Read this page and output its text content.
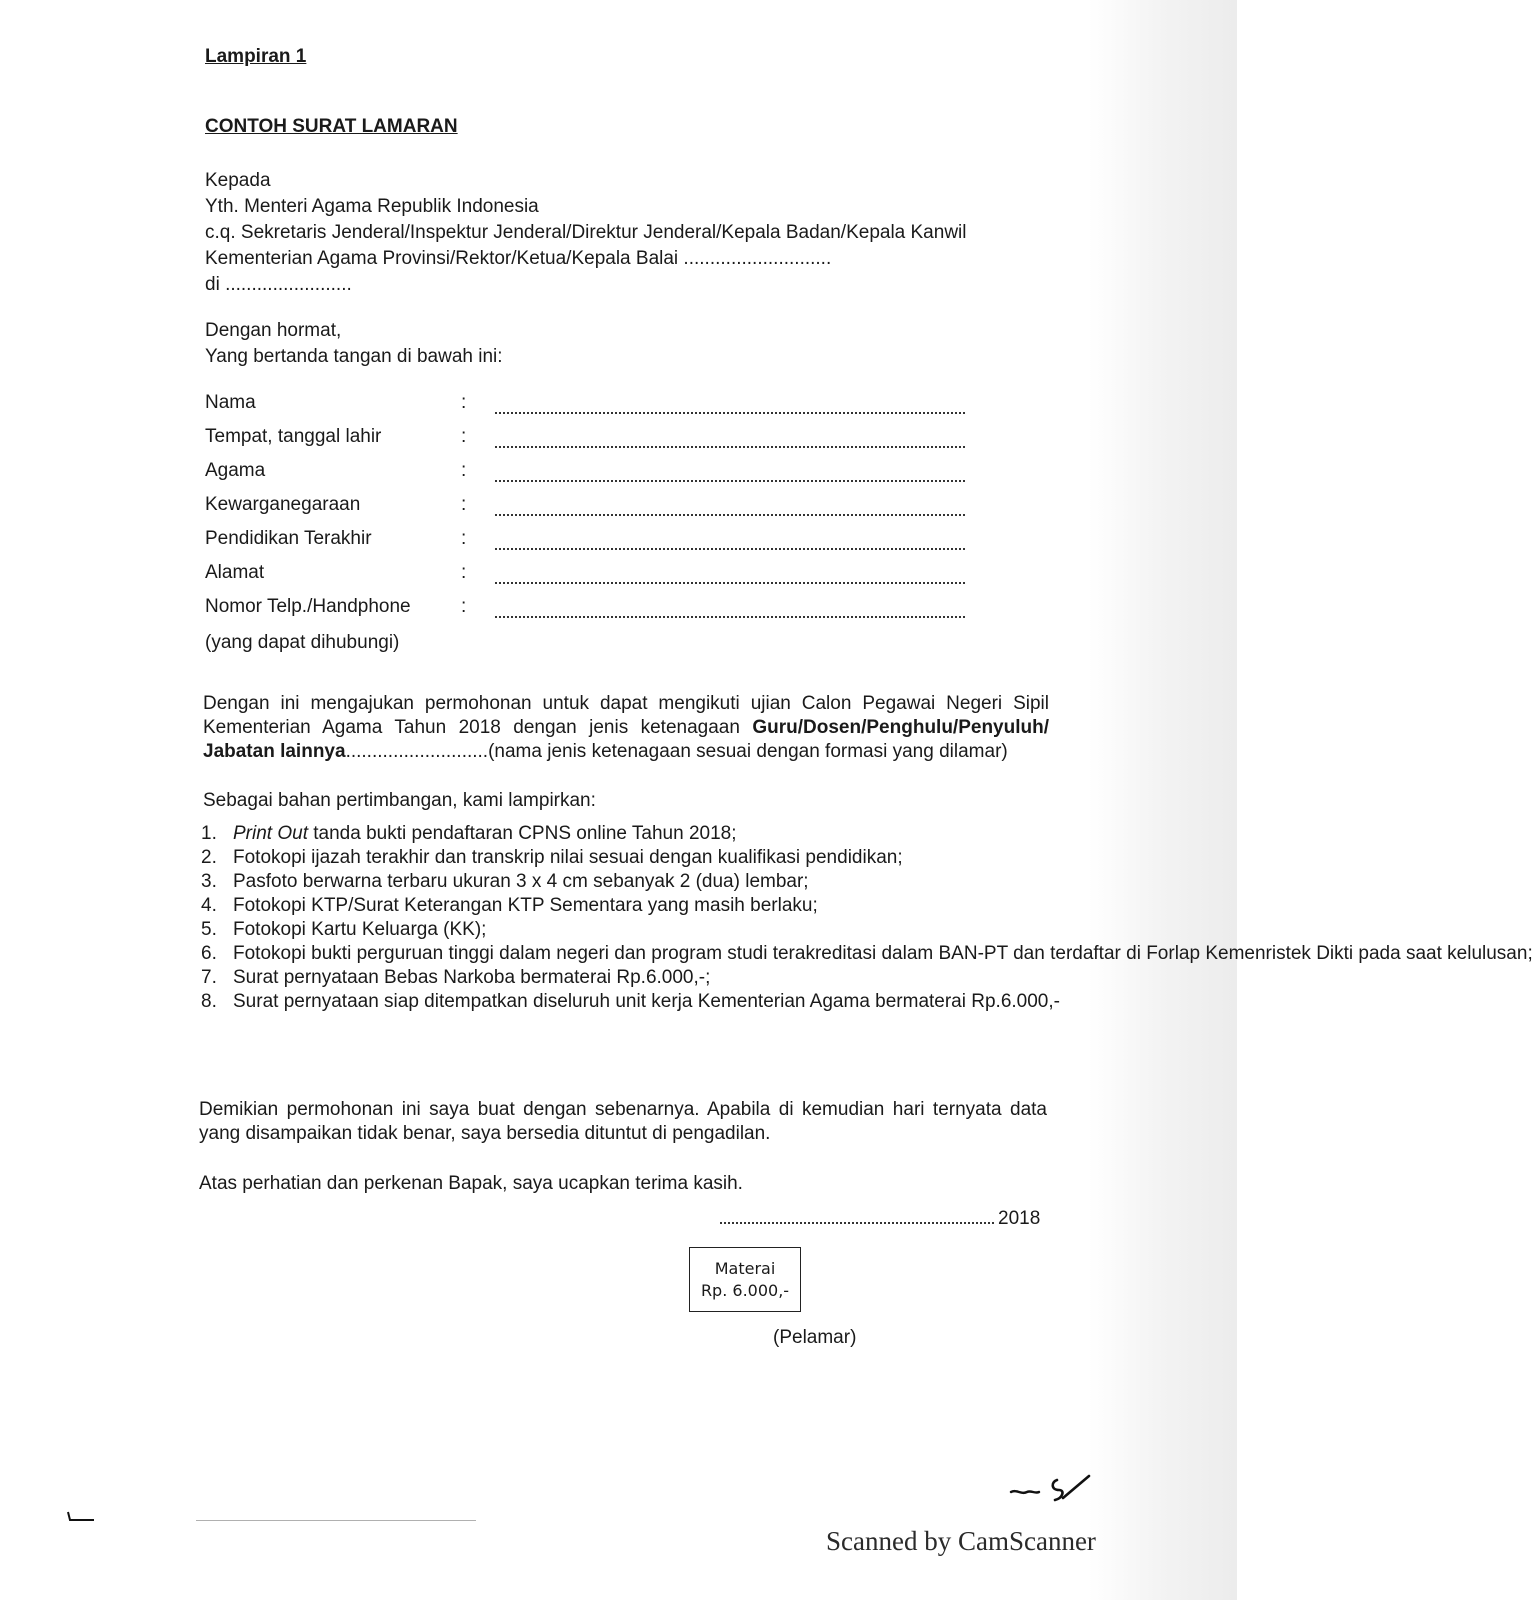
Lampiran 1
CONTOH SURAT LAMARAN
Kepada
Yth. Menteri Agama Republik Indonesia
c.q. Sekretaris Jenderal/Inspektur Jenderal/Direktur Jenderal/Kepala Badan/Kepala Kanwil
Kementerian Agama Provinsi/Rektor/Ketua/Kepala Balai ............................
di ........................
Dengan hormat,
Yang bertanda tangan di bawah ini:
Nama	:
Tempat, tanggal lahir	:
Agama	:
Kewarganegaraan	:
Pendidikan Terakhir	:
Alamat	:
Nomor Telp./Handphone	:
(yang dapat dihubungi)
Dengan ini mengajukan permohonan untuk dapat mengikuti ujian Calon Pegawai Negeri Sipil Kementerian Agama Tahun 2018 dengan jenis ketenagaan Guru/Dosen/Penghulu/Penyuluh/ Jabatan lainnya...........................(nama jenis ketenagaan sesuai dengan formasi yang dilamar)
Sebagai bahan pertimbangan, kami lampirkan:
1. Print Out tanda bukti pendaftaran CPNS online Tahun 2018;
2. Fotokopi ijazah terakhir dan transkrip nilai sesuai dengan kualifikasi pendidikan;
3. Pasfoto berwarna terbaru ukuran 3 x 4 cm sebanyak 2 (dua) lembar;
4. Fotokopi KTP/Surat Keterangan KTP Sementara yang masih berlaku;
5. Fotokopi Kartu Keluarga (KK);
6. Fotokopi bukti perguruan tinggi dalam negeri dan program studi terakreditasi dalam BAN-PT dan terdaftar di Forlap Kemenristek Dikti pada saat kelulusan;
7. Surat pernyataan Bebas Narkoba bermaterai Rp.6.000,-;
8. Surat pernyataan siap ditempatkan diseluruh unit kerja Kementerian Agama bermaterai Rp.6.000,-
Demikian permohonan ini saya buat dengan sebenarnya. Apabila di kemudian hari ternyata data yang disampaikan tidak benar, saya bersedia dituntut di pengadilan.
Atas perhatian dan perkenan Bapak, saya ucapkan terima kasih.
2018
Materai
Rp. 6.000,-
(Pelamar)
Scanned by CamScanner
